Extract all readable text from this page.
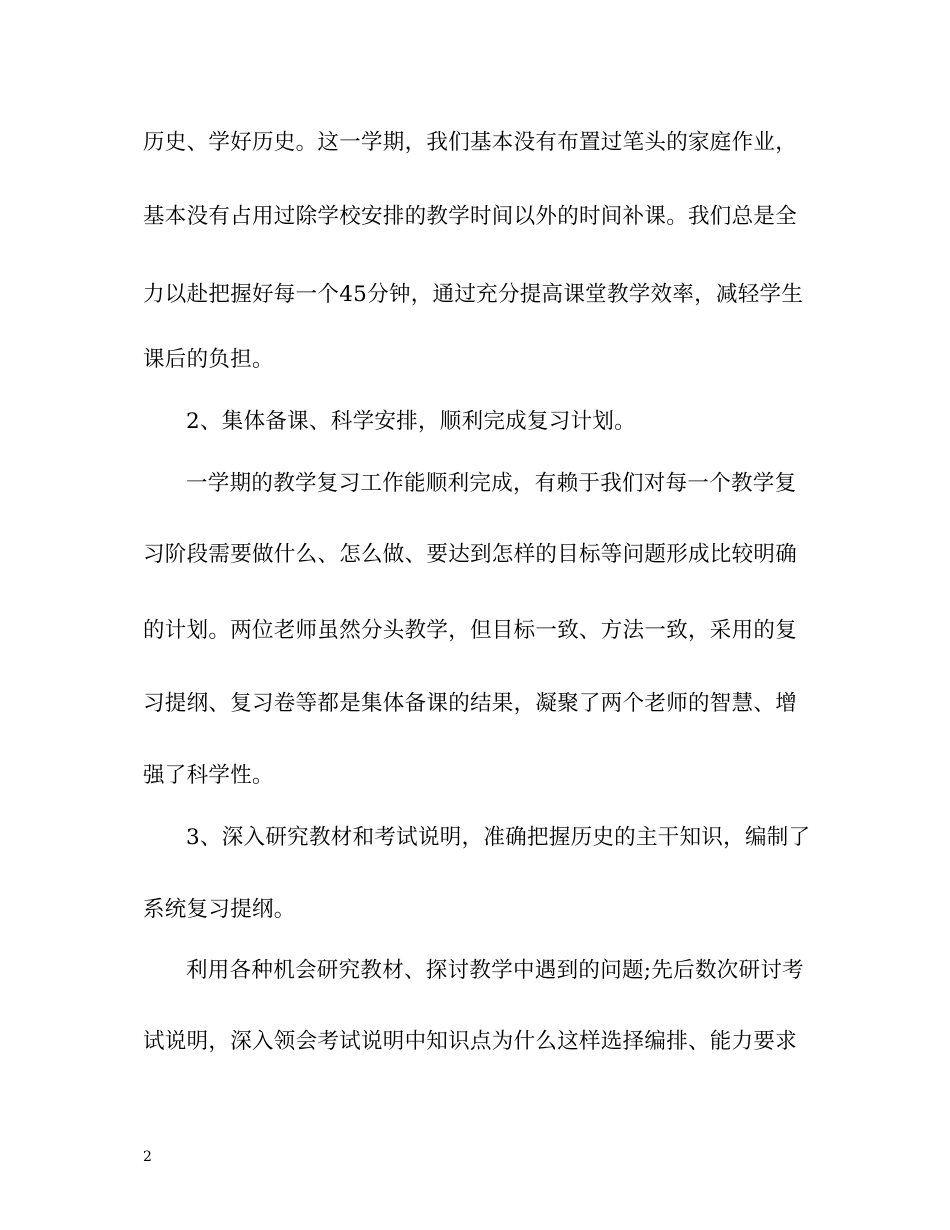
历史、学好历史。这一学期，我们基本没有布置过笔头的家庭作业，
基本没有占用过除学校安排的教学时间以外的时间补课。我们总是全
力以赴把握好每一个45分钟，通过充分提高课堂教学效率，减轻学生
课后的负担。
2、集体备课、科学安排，顺利完成复习计划。
一学期的教学复习工作能顺利完成，有赖于我们对每一个教学复
习阶段需要做什么、怎么做、要达到怎样的目标等问题形成比较明确
的计划。两位老师虽然分头教学，但目标一致、方法一致，采用的复
习提纲、复习卷等都是集体备课的结果，凝聚了两个老师的智慧、增
强了科学性。
3、深入研究教材和考试说明，准确把握历史的主干知识，编制了
系统复习提纲。
利用各种机会研究教材、探讨教学中遇到的问题;先后数次研讨考
试说明，深入领会考试说明中知识点为什么这样选择编排、能力要求
2
